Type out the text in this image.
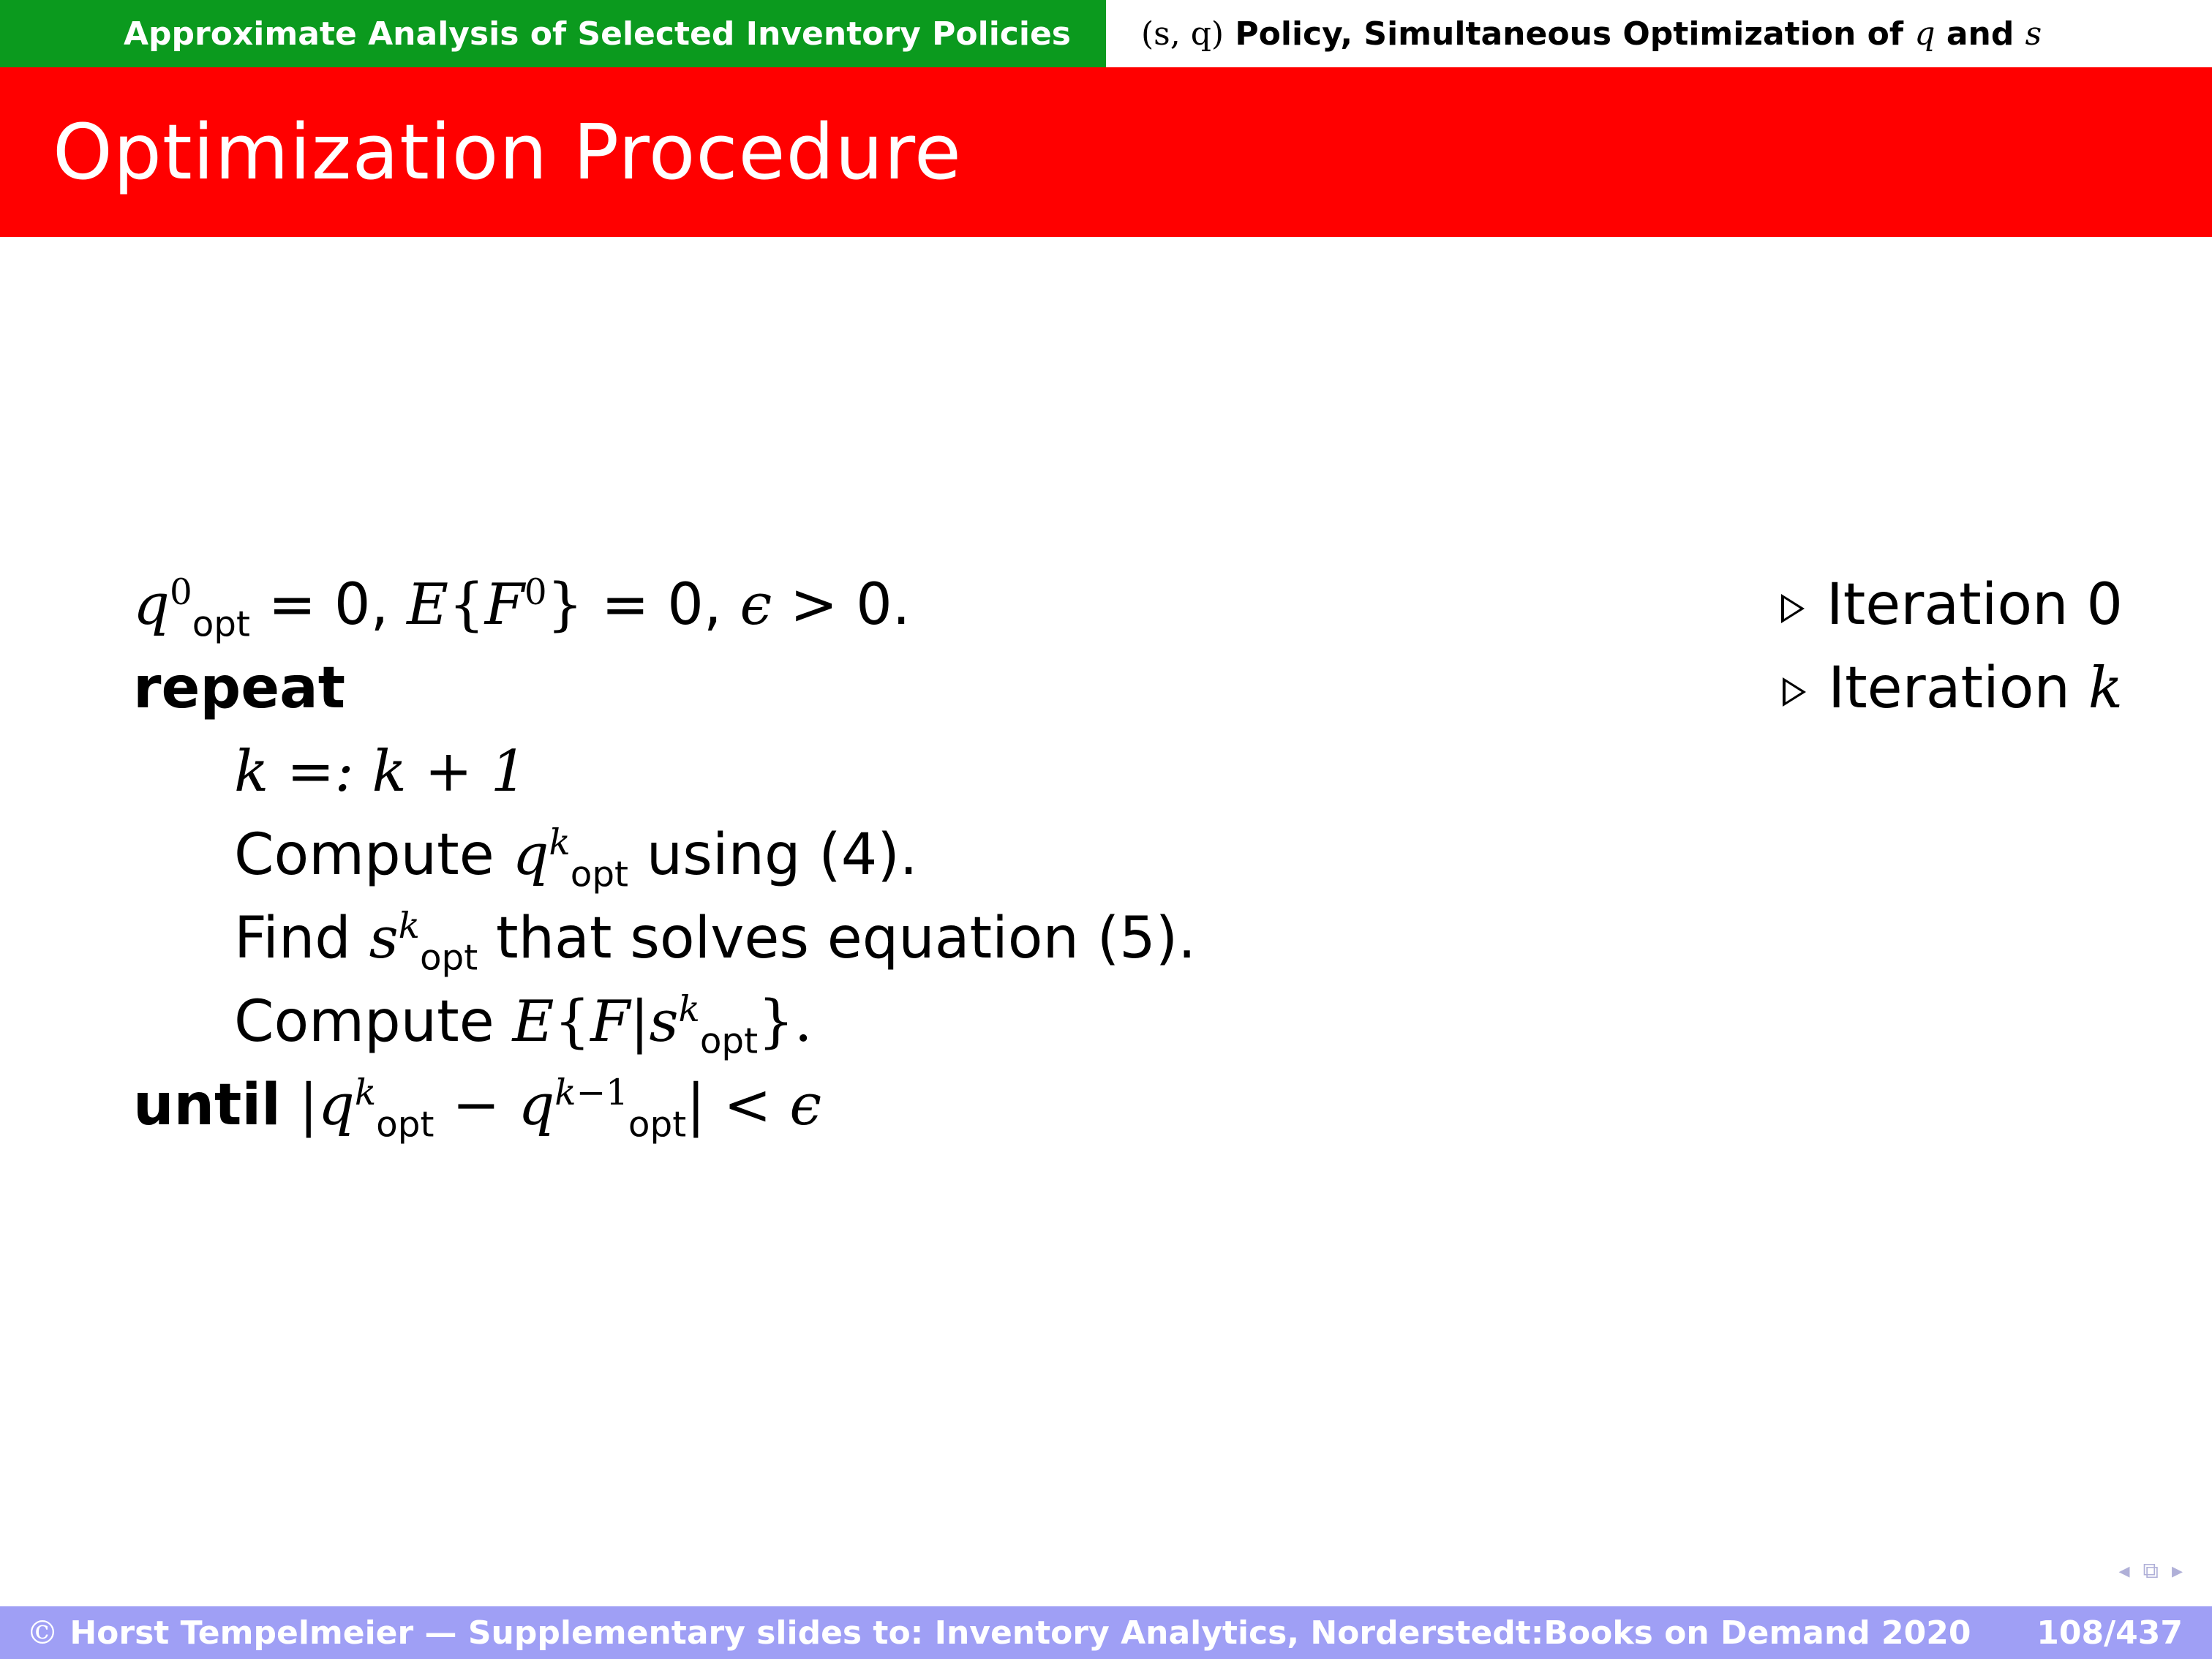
Approximate Analysis of Selected Inventory Policies (s, q)
Policy, Simultaneous Optimization of
q
and
s
Optimization Procedure
$q^0_{opt} = 0$, $E\{F^0\} = 0$, ϵ > 0.	Iteration 0
repeat	Iteration k
k =: k + 1
Compute $q^k_{opt}$ using (4).
Find $s^k_{opt}$ that solves equation (5).
Compute $E\{F|s^k_{opt}\}$.
until $|q^k_{opt} - q^{k-1}_{opt}| < \epsilon$
◂ ⧉ ▸
© Horst Tempelmeier — Supplementary slides to: Inventory Analytics, Norderstedt:Books on Demand 2020 108/437
